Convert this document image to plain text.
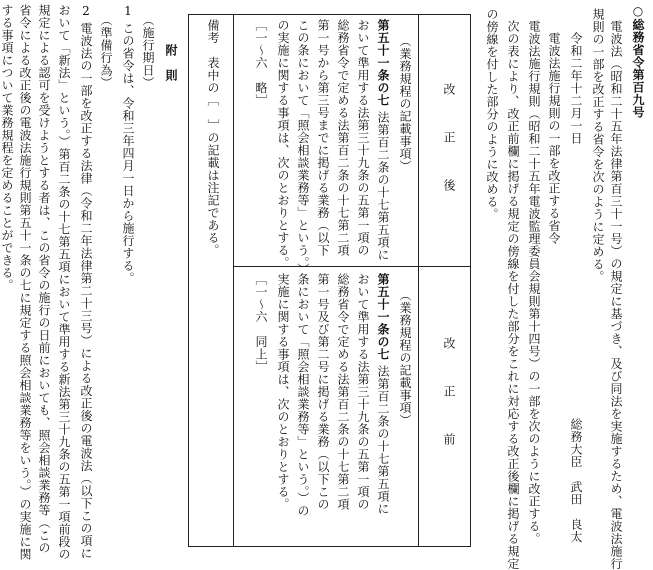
○総務省令第百九号
電波法（昭和二十五年法律第百三十一号）の規定に基づき、及び同法を実施するため、電波法施行
規則の一部を改正する省令を次のように定める。
令和二年十二月一日
総務大臣　武田　良太
電波法施行規則の一部を改正する省令
電波法施行規則（昭和二十五年電波監理委員会規則第十四号）の一部を次のように改正する。
次の表により、改正前欄に掲げる規定の傍線を付した部分をこれに対応する改正後欄に掲げる規定
の傍線を付した部分のように改める。
改　　　正　　　後
改　　　正　　　前
（業務規程の記載事項）
第五十一条の七
法第百二条の十七第五項に
おいて準用する法第三十九条の五第一項の
総務省令で定める法第百二条の十七第二項
第一号から第三号までに掲げる業務（以下
この条において「照会相談業務等」という。）
の実施に関する事項は、次のとおりとする。
［一～六　略］
（業務規程の記載事項）
第五十一条の七
法第百二条の十七第五項に
おいて準用する法第三十九条の五第一項の
総務省令で定める法第百二条の十七第二項
第一号及び第二号に掲げる業務（以下この
条において「照会相談業務等」という。）の
実施に関する事項は、次のとおりとする。
［一～六　同上］
備考　表中の［　］の記載は注記である。
附　則
（施行期日）
1
この省令は、令和三年四月一日から施行する。
（準備行為）
2
電波法の一部を改正する法律（令和二年法律第二十三号）による改正後の電波法（以下この項に
おいて「新法」という。）第百二条の十七第五項において準用する新法第三十九条の五第一項前段の
規定による認可を受けようとする者は、この省令の施行の日前においても、照会相談業務等（この
省令による改正後の電波法施行規則第五十一条の七に規定する照会相談業務等をいう。）の実施に関
する事項について業務規程を定めることができる。
